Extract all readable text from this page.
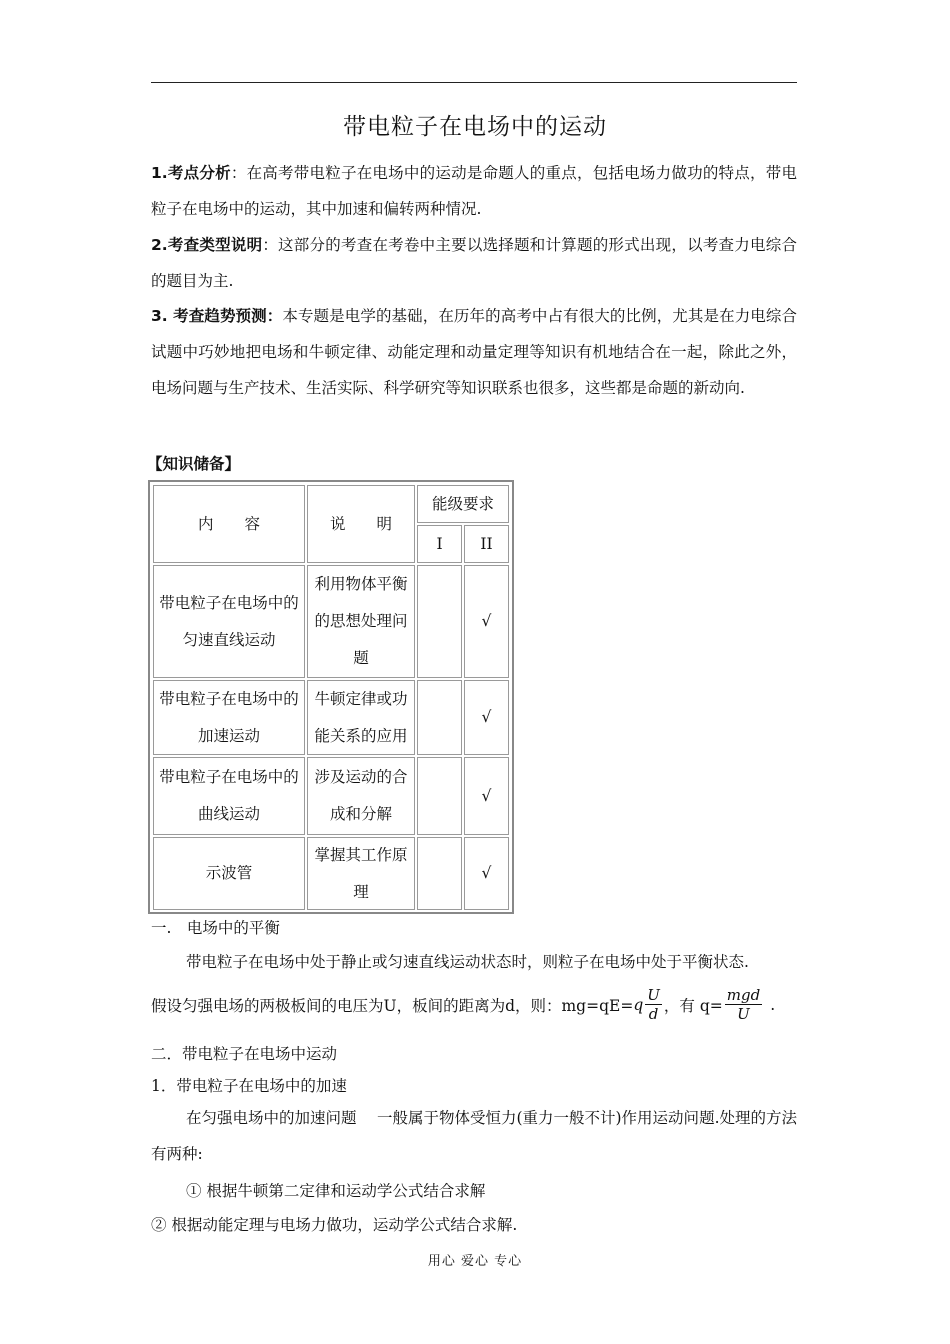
带电粒子在电场中的运动
1.考点分析：在高考带电粒子在电场中的运动是命题人的重点，包括电场力做功的特点，带电粒子在电场中的运动，其中加速和偏转两种情况.
2.考查类型说明：这部分的考查在考卷中主要以选择题和计算题的形式出现，以考查力电综合的题目为主.
3. 考查趋势预测：本专题是电学的基础，在历年的高考中占有很大的比例，尤其是在力电综合试题中巧妙地把电场和牛顿定律、动能定理和动量定理等知识有机地结合在一起，除此之外，电场问题与生产技术、生活实际、科学研究等知识联系也很多，这些都是命题的新动向.
【知识储备】
内　　容	说　　明
能级要求
I	II
带电粒子在电场中的匀速直线运动
利用物体平衡的思想处理问题
√
带电粒子在电场中的加速运动
牛顿定律或功能关系的应用
√
带电粒子在电场中的曲线运动
涉及运动的合成和分解
√
示波管
掌握其工作原理
√
一.　电场中的平衡
带电粒子在电场中处于静止或匀速直线运动状态时，则粒子在电场中处于平衡状态.
假设匀强电场的两极板间的电压为U，板间的距离为d，则：mg=qE= q $\frac{U}{d}$ ，有 $q= \frac{\text{mgd}}{U}$ .
二．带电粒子在电场中运动
1．带电粒子在电场中的加速
在匀强电场中的加速问题　 一般属于物体受恒力(重力一般不计)作用运动问题.处理的方法有两种:
① 根据牛顿第二定律和运动学公式结合求解
② 根据动能定理与电场力做功，运动学公式结合求解.
用心 爱心 专心
